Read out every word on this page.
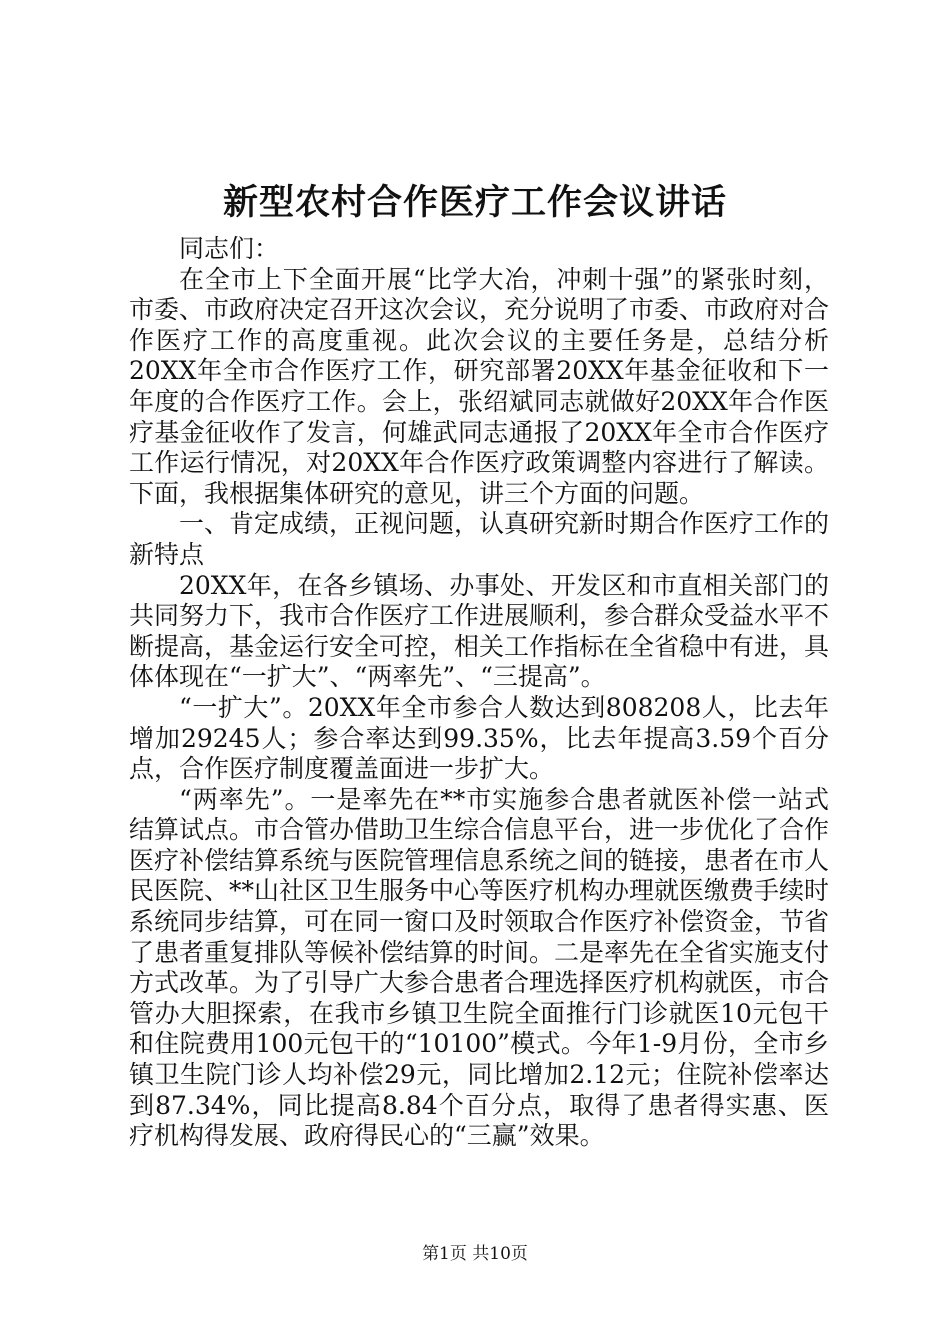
新型农村合作医疗工作会议讲话

同志们：

在全市上下全面开展“比学大冶，冲刺十强”的紧张时刻，市委、市政府决定召开这次会议，充分说明了市委、市政府对合作医疗工作的高度重视。此次会议的主要任务是，总结分析20XX年全市合作医疗工作，研究部署20XX年基金征收和下一年度的合作医疗工作。会上，张绍斌同志就做好20XX年合作医疗基金征收作了发言，何雄武同志通报了20XX年全市合作医疗工作运行情况，对20XX年合作医疗政策调整内容进行了解读。下面，我根据集体研究的意见，讲三个方面的问题。

一、肯定成绩，正视问题，认真研究新时期合作医疗工作的新特点

20XX年，在各乡镇场、办事处、开发区和市直相关部门的共同努力下，我市合作医疗工作进展顺利，参合群众受益水平不断提高，基金运行安全可控，相关工作指标在全省稳中有进，具体体现在“一扩大”、“两率先”、“三提高”。

“一扩大”。20XX年全市参合人数达到808208人，比去年增加29245人；参合率达到99.35%，比去年提高3.59个百分点，合作医疗制度覆盖面进一步扩大。

“两率先”。一是率先在**市实施参合患者就医补偿一站式结算试点。市合管办借助卫生综合信息平台，进一步优化了合作医疗补偿结算系统与医院管理信息系统之间的链接，患者在市人民医院、**山社区卫生服务中心等医疗机构办理就医缴费手续时系统同步结算，可在同一窗口及时领取合作医疗补偿资金，节省了患者重复排队等候补偿结算的时间。二是率先在全省实施支付方式改革。为了引导广大参合患者合理选择医疗机构就医，市合管办大胆探索，在我市乡镇卫生院全面推行门诊就医10元包干和住院费用100元包干的“10100”模式。今年1-9月份，全市乡镇卫生院门诊人均补偿29元，同比增加2.12元；住院补偿率达到87.34%，同比提高8.84个百分点，取得了患者得实惠、医疗机构得发展、政府得民心的“三赢”效果。

第1页 共10页
